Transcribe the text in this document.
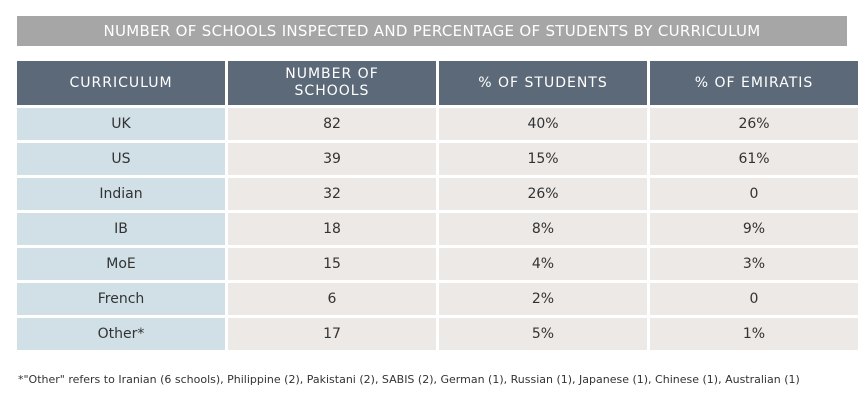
NUMBER OF SCHOOLS INSPECTED AND PERCENTAGE OF STUDENTS BY CURRICULUM
CURRICULUM	NUMBER OF SCHOOLS	% OF STUDENTS	% OF EMIRATIS
UK	82	40%	26%
US	39	15%	61%
Indian	32	26%	0
IB	18	8%	9%
MoE	15	4%	3%
French	6	2%	0
Other*	17	5%	1%
*"Other" refers to Iranian (6 schools), Philippine (2), Pakistani (2), SABIS (2), German (1), Russian (1), Japanese (1), Chinese (1), Australian (1)
